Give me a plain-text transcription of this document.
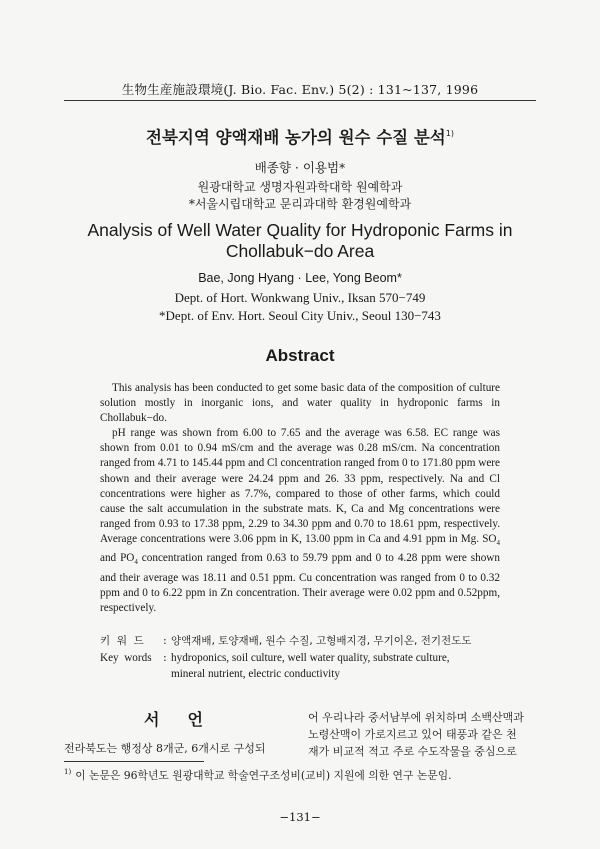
生物生産施設環境(J. Bio. Fac. Env.) 5(2) : 131~137, 1996
전북지역 양액재배 농가의 원수 수질 분석$^{1)}$
배종향 · 이용범*
원광대학교 생명자원과학대학 원예학과
*서울시립대학교 문리과대학 환경원예학과
Analysis of Well Water Quality for Hydroponic Farms in
Chollabuk−do Area
Bae, Jong Hyang · Lee, Yong Beom*
Dept. of Hort. Wonkwang Univ., Iksan 570−749
*Dept. of Env. Hort. Seoul City Univ., Seoul 130−743
Abstract

This analysis has been conducted to get some basic data of the composition of culture solution mostly in inorganic ions, and water quality in hydroponic farms in Chollabuk−do.

pH range was shown from 6.00 to 7.65 and the average was 6.58. EC range was shown from 0.01 to 0.94 mS/cm and the average was 0.28 mS/cm. Na concentration ranged from 4.71 to 145.44 ppm and Cl concentration ranged from 0 to 171.80 ppm were shown and their average were 24.24 ppm and 26. 33 ppm, respectively. Na and Cl concentrations were higher as 7.7%, compared to those of other farms, which could cause the salt accumulation in the substrate mats. K, Ca and Mg concentrations were ranged from 0.93 to 17.38 ppm, 2.29 to 34.30 ppm and 0.70 to 18.61 ppm, respectively. Average concentrations were 3.06 ppm in K, 13.00 ppm in Ca and 4.91 ppm in Mg. $SO_4$ and $PO_4$ concentration ranged from 0.63 to 59.79 ppm and 0 to 4.28 ppm were shown and their average was 18.11 and 0.51 ppm. Cu concentration was ranged from 0 to 0.32 ppm and 0 to 6.22 ppm in Zn concentration. Their average were 0.02 ppm and 0.52ppm, respectively.

키  워  드	: 양액재배, 토양재배, 원수 수질, 고형배지경, 무기이온, 전기전도도
Key  words	: hydroponics, soil culture, well water quality, substrate culture,
mineral nutrient, electric conductivity
서언
전라북도는 행정상 8개군, 6개시로 구성되
어 우리나라 중서남부에 위치하며 소백산맥과
노령산맥이 가로지르고 있어 태풍과 같은 천
재가 비교적 적고 주로 수도작물을 중심으로
$^{1)}$ 이 논문은 96학년도 원광대학교 학술연구조성비(교비) 지원에 의한 연구 논문임.
−131−
